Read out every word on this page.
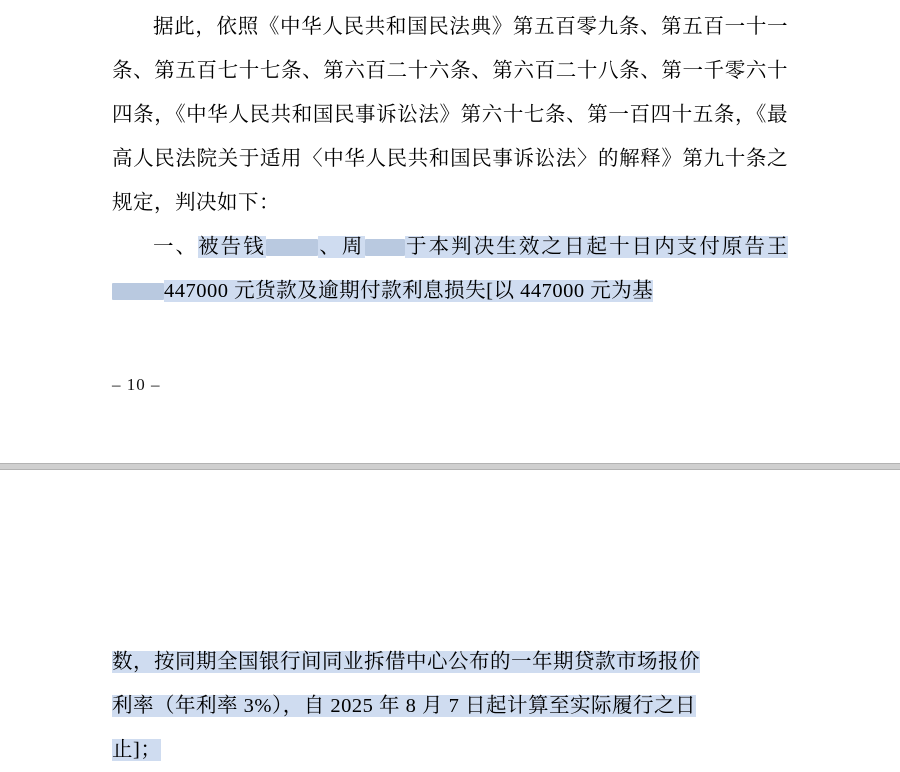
据此，依照《中华人民共和国民法典》第五百零九条、第五百一十一条、第五百七十七条、第六百二十六条、第六百二十八条、第一千零六十四条，《中华人民共和国民事诉讼法》第六十七条、第一百四十五条，《最高人民法院关于适用〈中华人民共和国民事诉讼法〉的解释》第九十条之规定，判决如下：

一、被告钱	、周 于本判决生效之日起十日内支付原告王447000 元货款及逾期付款利息损失[以 447000 元为基

– 10 –

数，按同期全国银行间同业拆借中心公布的一年期贷款市场报价

利率（年利率 3%），自 2025 年 8 月 7 日起计算至实际履行之日

止]；
